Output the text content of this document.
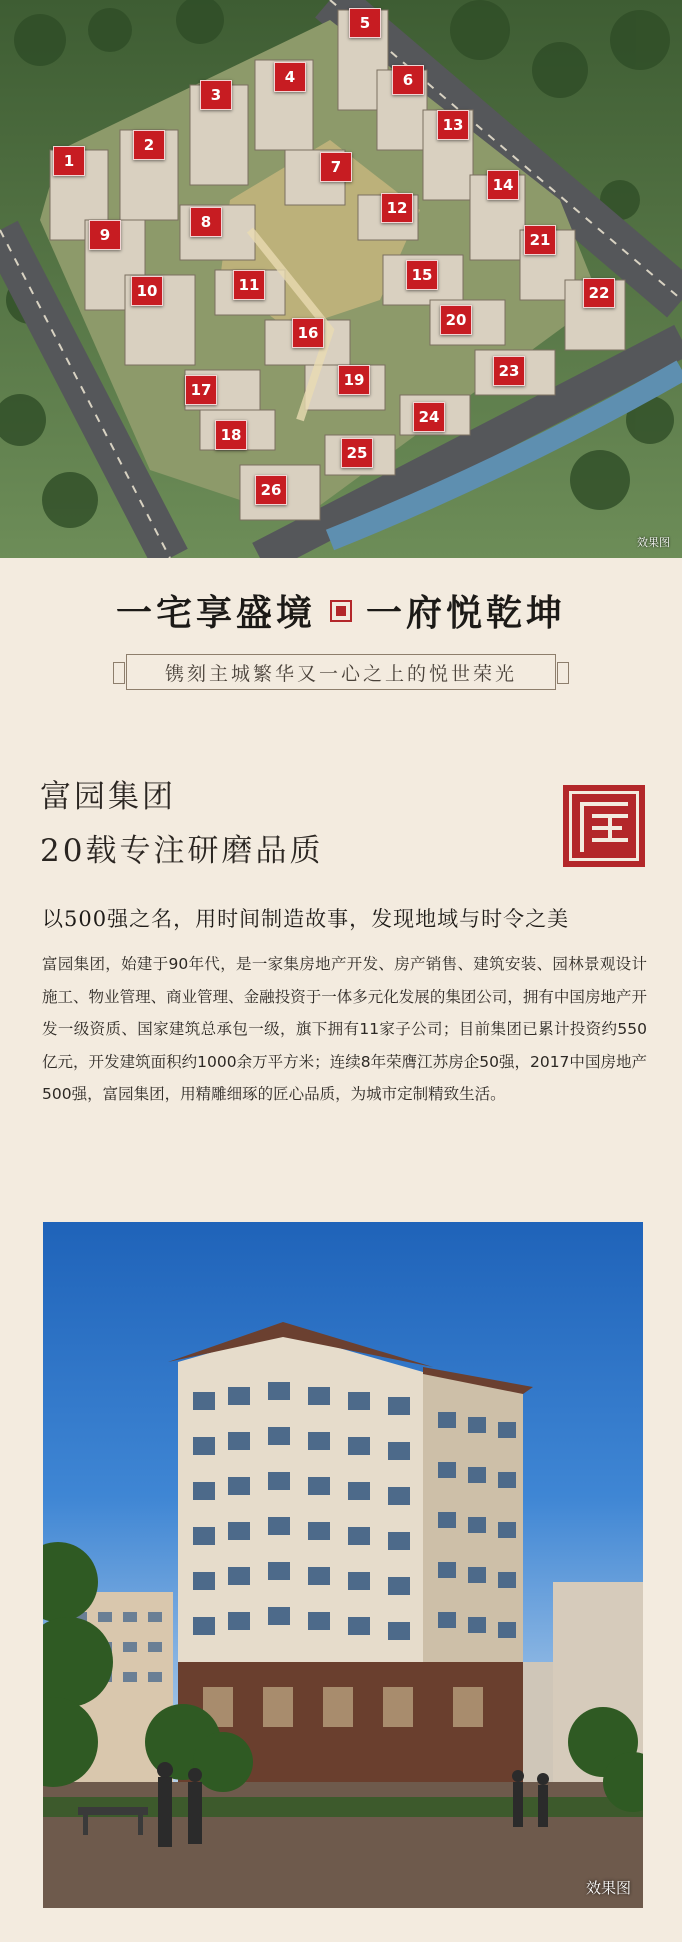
1
2
3
4
5
6
7
8
9
10	11
12
13
14
15
16
17
18
19
20
21
22
23
24
25
26
效果图
一宅享盛境 一府悦乾坤
镌刻主城繁华又一心之上的悦世荣光
富园集团
20载专注研磨品质
以500强之名，用时间制造故事，发现地域与时令之美
富园集团，始建于90年代，是一家集房地产开发、房产销售、建筑安装、园林景观设计施工、物业管理、商业管理、金融投资于一体多元化发展的集团公司，拥有中国房地产开发一级资质、国家建筑总承包一级，旗下拥有11家子公司；目前集团已累计投资约550亿元，开发建筑面积约1000余万平方米；连续8年荣膺江苏房企50强，2017中国房地产500强，富园集团，用精雕细琢的匠心品质，为城市定制精致生活。
效果图
